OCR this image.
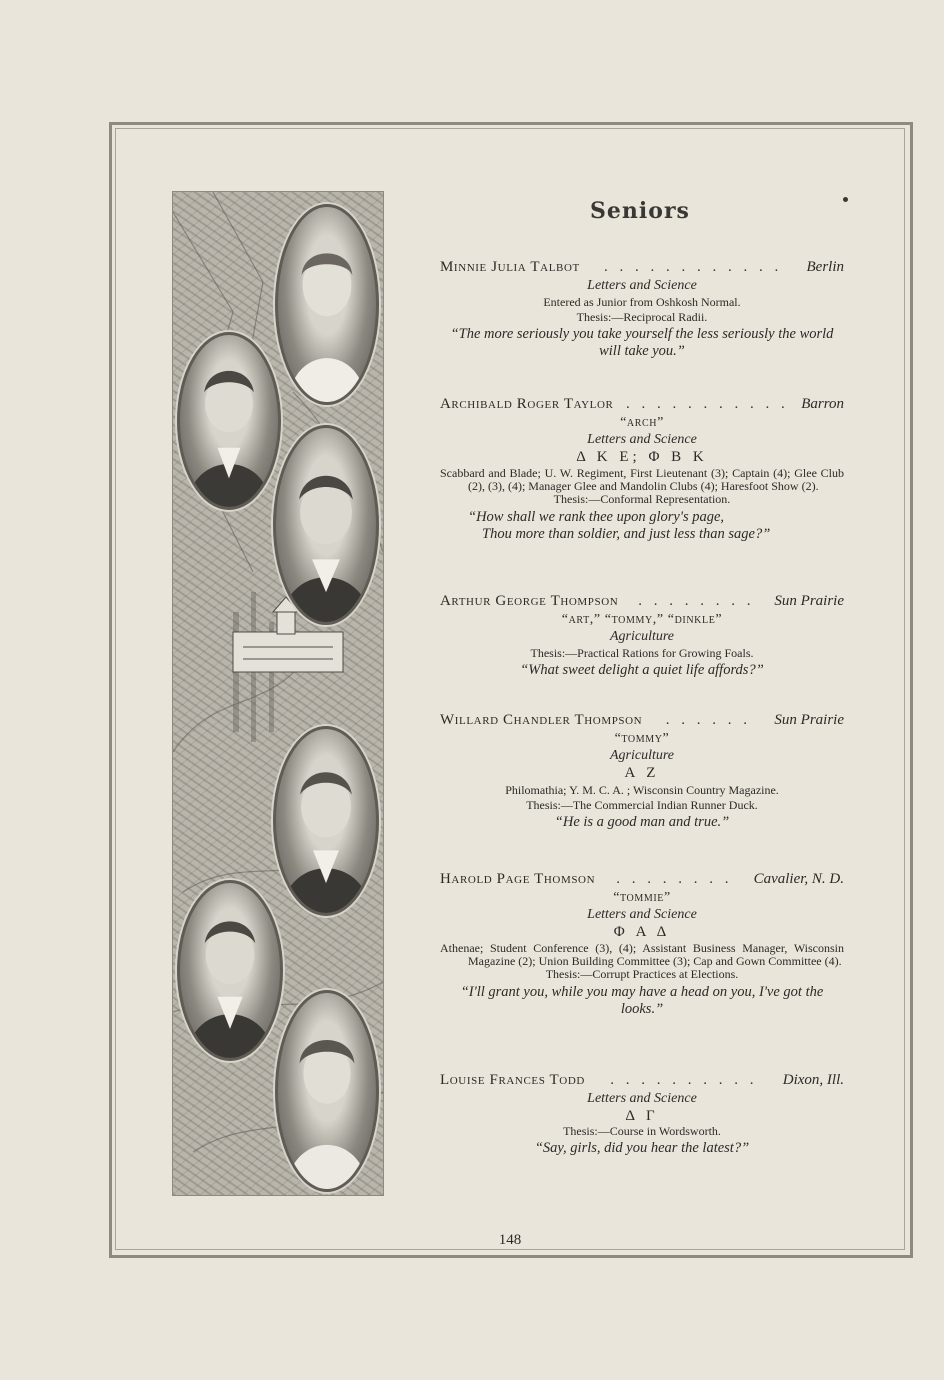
Seniors
Minnie Julia Talbot	. . . . . . . . . . . .	Berlin
Letters and Science
Entered as Junior from Oshkosh Normal.
Thesis:—Reciprocal Radii.
“The more seriously you take yourself the less seriously the world will take you.”
Archibald Roger Taylor . . . . . . . . . . . Barron
“arch”
Letters and Science
Δ Κ Ε; Φ Β Κ
Scabbard and Blade; U. W. Regiment, First Lieutenant (3); Captain (4); Glee Club (2), (3), (4); Manager Glee and Mandolin Clubs (4); Haresfoot Show (2).
Thesis:—Conformal Representation.
“How shall we rank thee upon glory's page,
Thou more than soldier, and just less than sage?”
Arthur George Thompson	. . . . . . . .	Sun Prairie
“art,” “tommy,” “dinkle”
Agriculture
Thesis:—Practical Rations for Growing Foals.
“What sweet delight a quiet life affords?”
Willard Chandler Thompson	. . . . . .	Sun Prairie
“tommy”
Agriculture
Α Ζ
Philomathia; Y. M. C. A. ; Wisconsin Country Magazine.
Thesis:—The Commercial Indian Runner Duck.
“He is a good man and true.”
Harold Page Thomson	. . . . . . . .	Cavalier, N. D.
“tommie”
Letters and Science
Φ Α Δ
Athenae; Student Conference (3), (4); Assistant Business Manager, Wisconsin Magazine (2); Union Building Committee (3); Cap and Gown Committee (4).
Thesis:—Corrupt Practices at Elections.
“I'll grant you, while you may have a head on you, I've got the looks.”
Louise Frances Todd	. . . . . . . . . .	Dixon, Ill.
Letters and Science
Δ Γ
Thesis:—Course in Wordsworth.
“Say, girls, did you hear the latest?”
148
